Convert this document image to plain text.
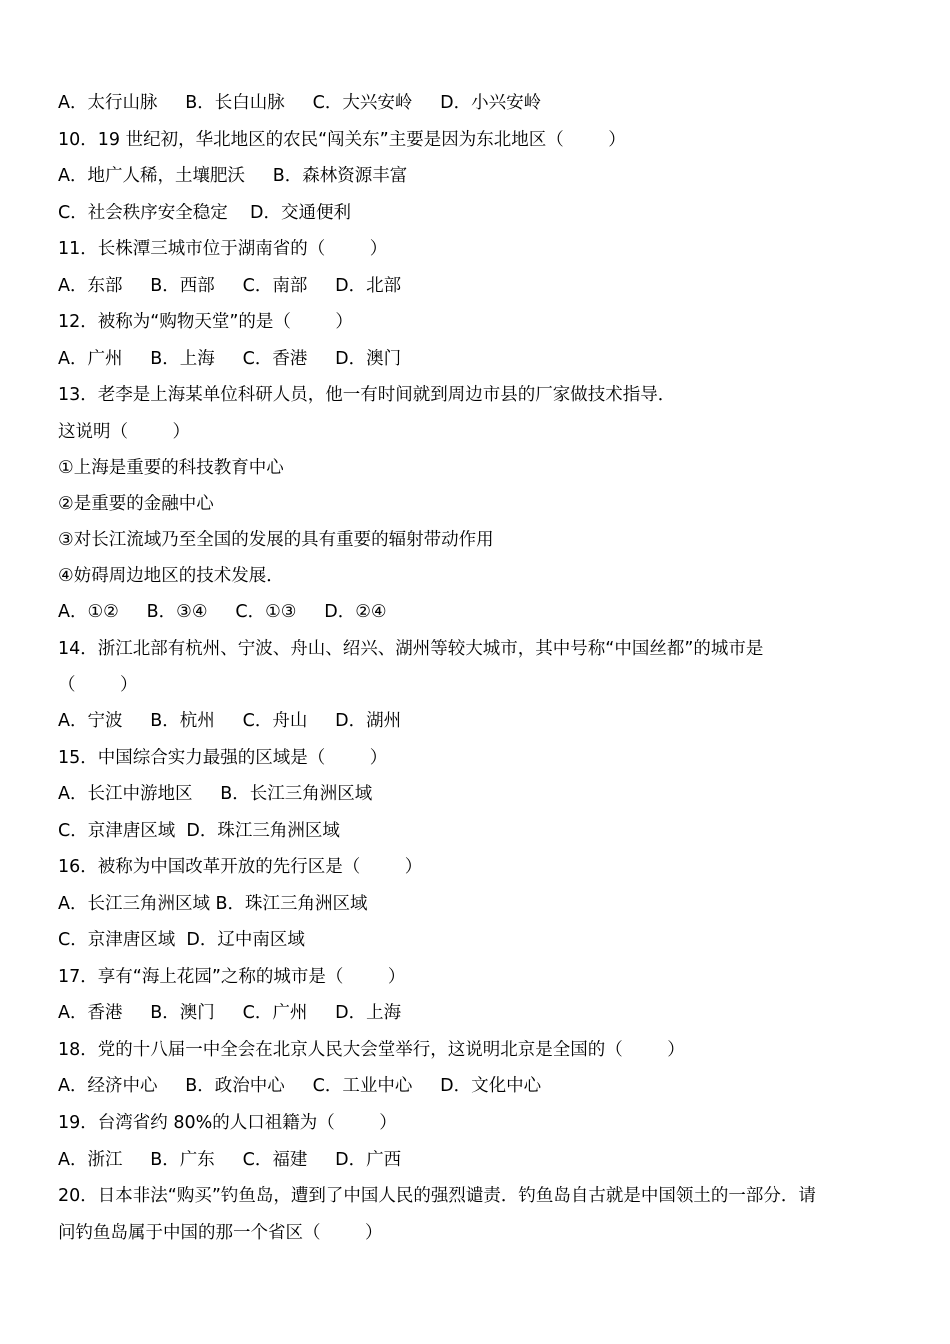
A．太行山脉     B．长白山脉     C．大兴安岭     D．小兴安岭
10．19 世纪初，华北地区的农民“闯关东”主要是因为东北地区（        ）
A．地广人稀，土壤肥沃     B．森林资源丰富
C．社会秩序安全稳定    D．交通便利
11．长株潭三城市位于湖南省的（        ）
A．东部     B．西部     C．南部     D．北部
12．被称为“购物天堂”的是（        ）
A．广州     B．上海     C．香港     D．澳门
13．老李是上海某单位科研人员，他一有时间就到周边市县的厂家做技术指导．
这说明（        ）
①上海是重要的科技教育中心
②是重要的金融中心
③对长江流域乃至全国的发展的具有重要的辐射带动作用
④妨碍周边地区的技术发展．
A．①②     B．③④     C．①③     D．②④
14．浙江北部有杭州、宁波、舟山、绍兴、湖州等较大城市，其中号称“中国丝都”的城市是
（        ）
A．宁波     B．杭州     C．舟山     D．湖州
15．中国综合实力最强的区域是（        ）
A．长江中游地区     B．长江三角洲区域
C．京津唐区域  D．珠江三角洲区域
16．被称为中国改革开放的先行区是（        ）
A．长江三角洲区域 B．珠江三角洲区域
C．京津唐区域  D．辽中南区域
17．享有“海上花园”之称的城市是（        ）
A．香港     B．澳门     C．广州     D．上海
18．党的十八届一中全会在北京人民大会堂举行，这说明北京是全国的（        ）
A．经济中心     B．政治中心     C．工业中心     D．文化中心
19．台湾省约 80%的人口祖籍为（        ）
A．浙江     B．广东     C．福建     D．广西
20．日本非法“购买”钓鱼岛，遭到了中国人民的强烈谴责．钓鱼岛自古就是中国领土的一部分．请
问钓鱼岛属于中国的那一个省区（        ）
